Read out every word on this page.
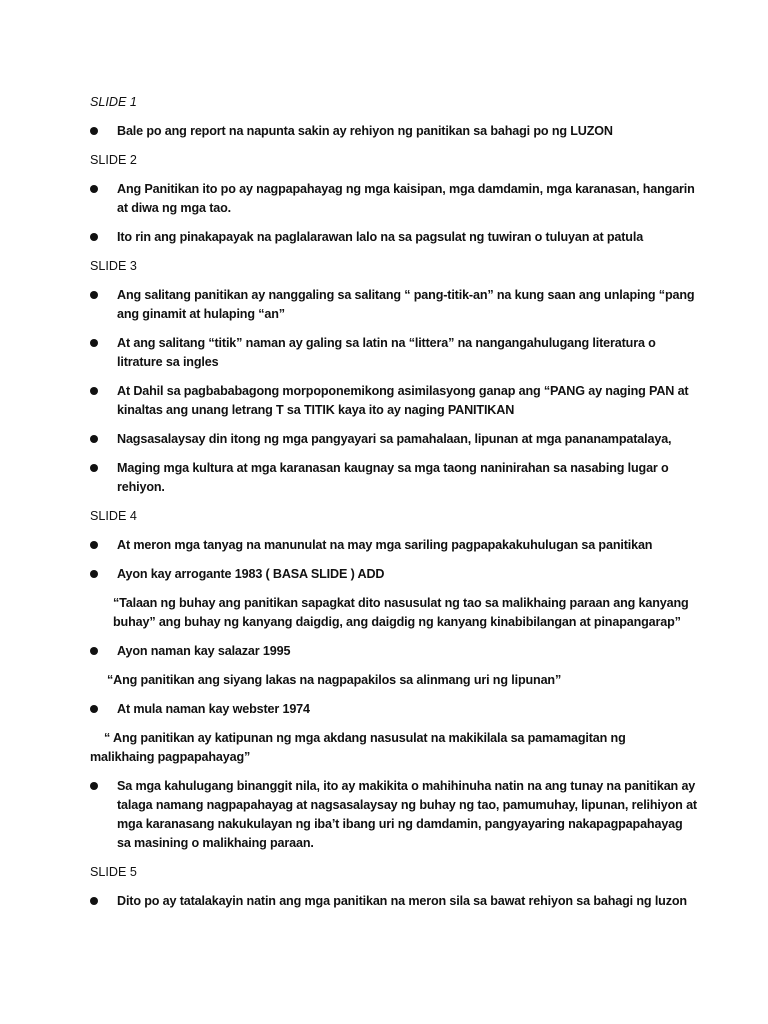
SLIDE 1

Bale po ang report na napunta sakin ay rehiyon ng panitikan sa bahagi po ng LUZON

SLIDE 2

Ang Panitikan ito po ay nagpapahayag ng mga kaisipan, mga damdamin, mga karanasan, hangarin at diwa ng mga tao.

Ito rin ang pinakapayak na paglalarawan lalo na sa pagsulat ng tuwiran o tuluyan at patula

SLIDE 3

Ang salitang panitikan ay nanggaling sa salitang “ pang-titik-an” na kung saan ang unlaping “pang ang ginamit at hulaping “an”

At ang salitang “titik” naman ay galing sa latin na “littera” na nangangahulugang literatura o litrature sa ingles

At Dahil sa pagbababagong morpoponemikong asimilasyong ganap ang “PANG ay naging PAN at kinaltas ang unang letrang T sa TITIK kaya ito ay naging PANITIKAN

Nagsasalaysay din itong ng mga pangyayari sa pamahalaan, lipunan at mga pananampatalaya,

Maging mga kultura at mga karanasan kaugnay sa mga taong naninirahan sa nasabing lugar o rehiyon.

SLIDE 4

At meron mga tanyag na manunulat na may mga sariling pagpapakakuhulugan sa panitikan

Ayon kay arrogante 1983 ( BASA SLIDE ) ADD

“Talaan ng buhay ang panitikan sapagkat dito nasusulat ng tao sa malikhaing paraan ang kanyang buhay” ang buhay ng kanyang daigdig, ang daigdig ng kanyang kinabibilangan at pinapangarap”

Ayon naman kay salazar 1995

“Ang panitikan ang siyang lakas na nagpapakilos sa alinmang uri ng lipunan”

At mula naman kay webster 1974

“ Ang panitikan ay katipunan ng mga akdang nasusulat na makikilala sa pamamagitan ng
malikhaing pagpapahayag”

Sa mga kahulugang binanggit nila, ito ay makikita o mahihinuha natin na ang tunay na panitikan ay talaga namang nagpapahayag at nagsasalaysay ng buhay ng tao, pamumuhay, lipunan, relihiyon at mga karanasang nakukulayan ng iba’t ibang uri ng damdamin, pangyayaring nakapagpapahayag sa masining o malikhaing paraan.

SLIDE 5

Dito po ay tatalakayin natin ang mga panitikan na meron sila sa bawat rehiyon sa bahagi ng luzon
